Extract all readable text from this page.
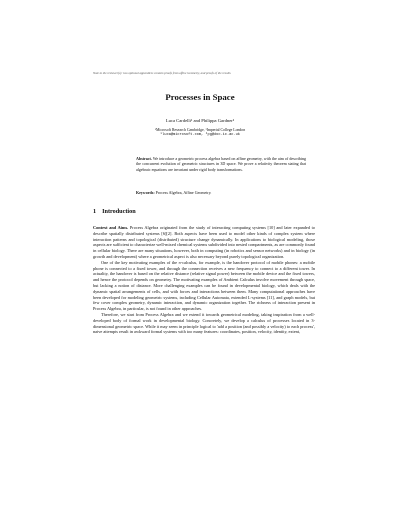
Note to the reviewer(s): two optional appendices contain proofs from affine Geometry, and proofs of the results.
Processes in Space
Luca Cardelli¹ and Philippa Gardner²
¹Microsoft Research Cambridge, ²Imperial College London
¹luca@microsoft.com, ²pg@doc.ic.ac.uk
Abstract. We introduce a geometric process algebra based on affine geometry, with the aim of describing the concurrent evolution of geometric structures in 3D space. We prove a relativity theorem stating that algebraic equations are invariant under rigid body transformations.
Keywords: Process Algebra, Affine Geometry.
1 Introduction

Context and Aims. Process Algebra originated from the study of interacting computing systems [10] and later expanded to describe spatially distributed systems [6][2]. Both aspects have been used to model other kinds of complex system where interaction patterns and topological (distributed) structure change dynamically. In applications to biological modeling, those aspects are sufficient to characterize well-mixed chemical systems subdivided into nested compartments, as are commonly found in cellular biology. There are many situations, however, both in computing (in robotics and sensor networks) and in biology (in growth and development) where a geometrical aspect is also necessary beyond purely topological organization.

One of the key motivating examples of the π-calculus, for example, is the handover protocol of mobile phones: a mobile phone is connected to a fixed tower, and through the connection receives a new frequency to connect to a different tower. In actuality, the handover is based on the relative distance (relative signal power) between the mobile device and the fixed towers, and hence the protocol depends on geometry. The motivating examples of Ambient Calculus involve movement through space, but lacking a notion of distance. More challenging examples can be found in developmental biology, which deals with the dynamic spatial arrangements of cells, and with forces and interactions between them. Many computational approaches have been developed for modeling geometric systems, including Cellular Automata, extended L-systems [11], and graph models, but few cover complex geometry, dynamic interaction, and dynamic organization together. The richness of interaction present in Process Algebra, in particular, is not found in other approaches.

Therefore, we start from Process Algebra and we extend it towards geometrical modeling, taking inspiration from a well-developed body of formal work in developmental biology. Concretely, we develop a calculus of processes located in 3-dimensional geometric space. While it may seem in principle logical to 'add a position (and possibly a velocity) to each process', naive attempts result in awkward formal systems with too many features: coordinates, position, velocity, identity, extent,
